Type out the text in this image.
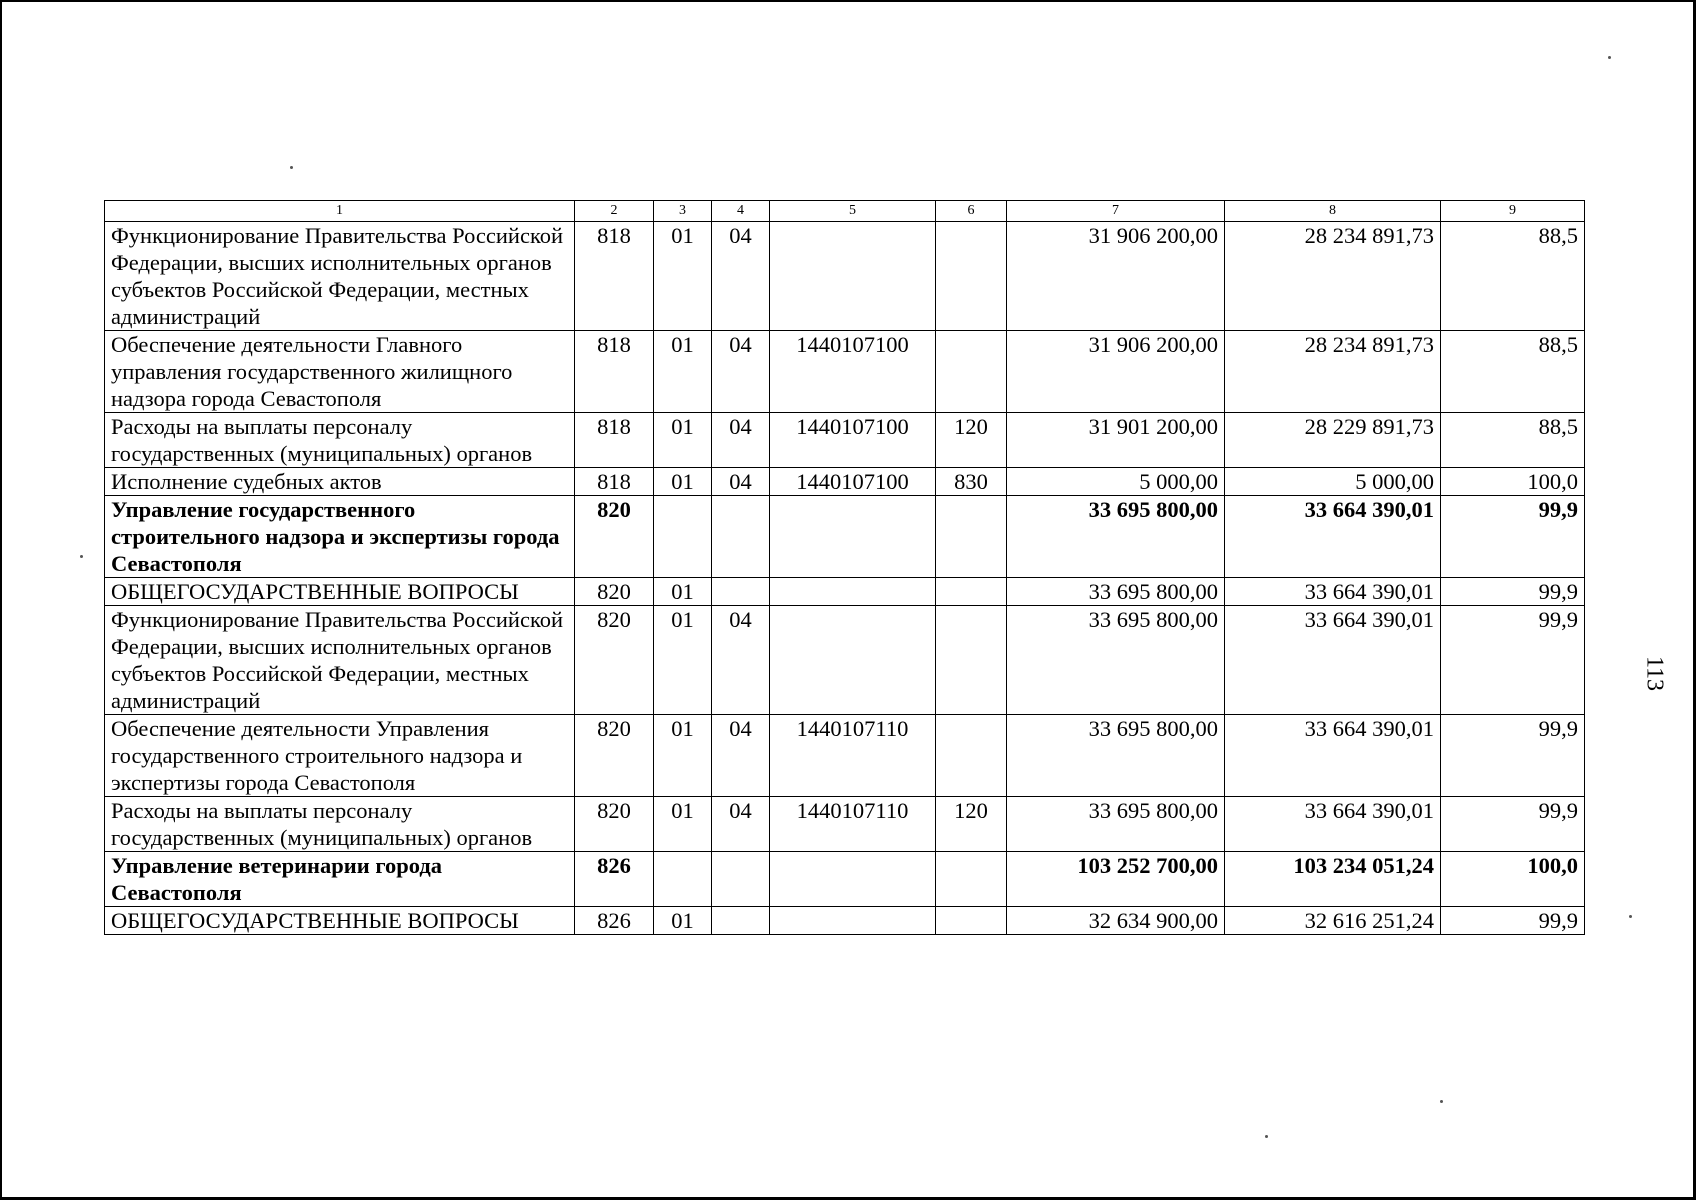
1	2	3	4	5	6	7	8	9
Функционирование Правительства Российской Федерации, высших исполнительных органов субъектов Российской Федерации, местных администраций	818	01	04			31 906 200,00	28 234 891,73	88,5
Обеспечение деятельности Главного управления государственного жилищного надзора города Севастополя	818	01	04	1440107100		31 906 200,00	28 234 891,73	88,5
Расходы на выплаты персоналу государственных (муниципальных) органов	818	01	04	1440107100	120	31 901 200,00	28 229 891,73	88,5
Исполнение судебных актов	818	01	04	1440107100	830	5 000,00	5 000,00	100,0
Управление государственного строительного надзора и экспертизы города Севастополя	820					33 695 800,00	33 664 390,01	99,9
ОБЩЕГОСУДАРСТВЕННЫЕ ВОПРОСЫ	820	01				33 695 800,00	33 664 390,01	99,9
Функционирование Правительства Российской Федерации, высших исполнительных органов субъектов Российской Федерации, местных администраций	820	01	04			33 695 800,00	33 664 390,01	99,9
Обеспечение деятельности Управления государственного строительного надзора и экспертизы города Севастополя	820	01	04	1440107110		33 695 800,00	33 664 390,01	99,9
Расходы на выплаты персоналу государственных (муниципальных) органов	820	01	04	1440107110	120	33 695 800,00	33 664 390,01	99,9
Управление ветеринарии города Севастополя	826					103 252 700,00	103 234 051,24	100,0
ОБЩЕГОСУДАРСТВЕННЫЕ ВОПРОСЫ	826	01				32 634 900,00	32 616 251,24	99,9
113
